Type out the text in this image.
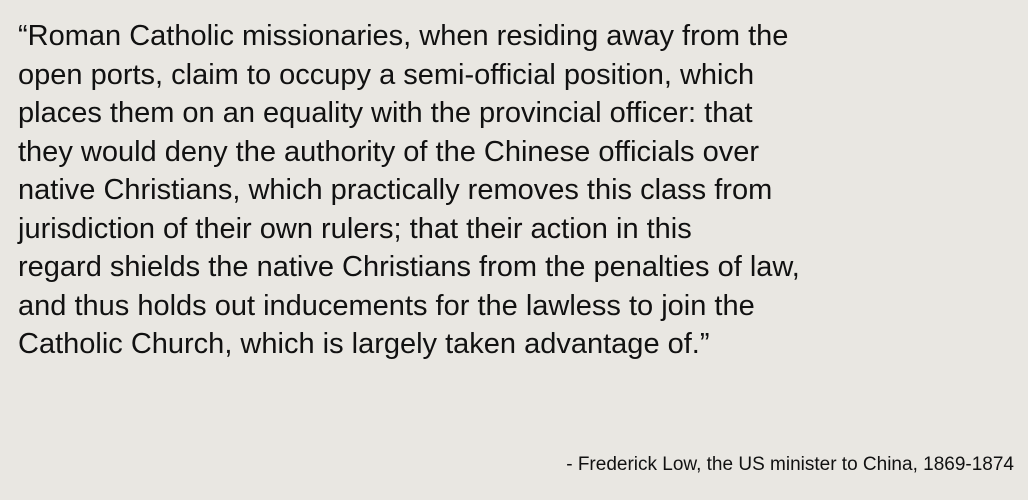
“Roman Catholic missionaries, when residing away from the
open ports, claim to occupy a semi-official position, which
places them on an equality with the provincial officer: that
they would deny the authority of the Chinese officials over
native Christians, which practically removes this class from
jurisdiction of their own rulers; that their action in this
regard shields the native Christians from the penalties of law,
and thus holds out inducements for the lawless to join the
Catholic Church, which is largely taken advantage of.”

- Frederick Low, the US minister to China, 1869-1874
